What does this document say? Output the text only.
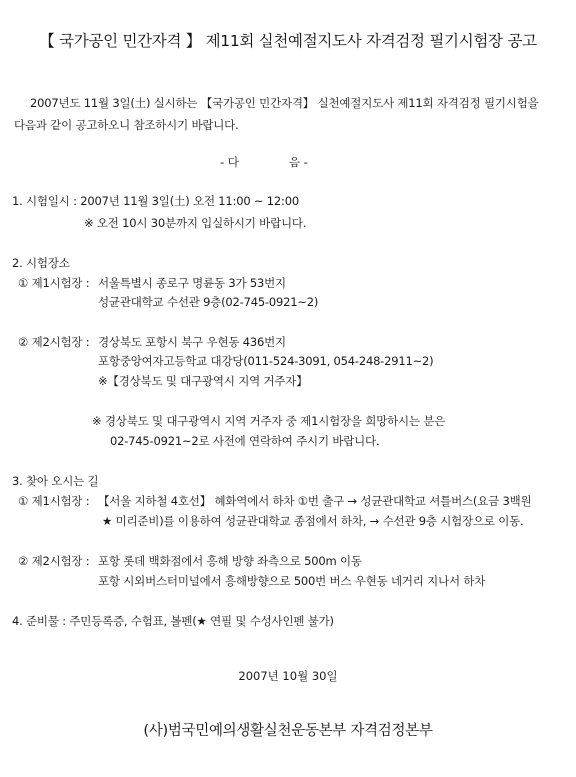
【 국가공인 민간자격 】 제11회 실천예절지도사 자격검정 필기시험장 공고
2007년도 11월 3일(土) 실시하는 【국가공인 민간자격】 실천예절지도사 제11회 자격검정 필기시험을
다음과 같이 공고하오니 참조하시기 바랍니다.
- 다	음 -
1. 시험일시 : 2007년 11월 3일(土) 오전 11:00 ~ 12:00
※ 오전 10시 30분까지 입실하시기 바랍니다.
2. 시험장소
① 제1시험장 : 서울특별시 종로구 명륜동 3가 53번지
성균관대학교 수선관 9층(02-745-0921~2)
② 제2시험장 : 경상북도 포항시 북구 우현동 436번지
포항중앙여자고등학교 대강당(011-524-3091, 054-248-2911~2)
※【경상북도 및 대구광역시 지역 거주자】
※ 경상북도 및 대구광역시 지역 거주자 중 제1시험장을 희망하시는 분은
02-745-0921~2로 사전에 연락하여 주시기 바랍니다.
3. 찾아 오시는 길
① 제1시험장 : 【서울 지하철 4호선】 혜화역에서 하차 ①번 출구 → 성균관대학교 셔틀버스(요금 3백원
★ 미리준비)를 이용하여 성균관대학교 종점에서 하차, → 수선관 9층 시험장으로 이동.
② 제2시험장 : 포항 롯데 백화점에서 흥해 방향 좌측으로 500m 이동
포항 시외버스터미널에서 흥해방향으로 500번 버스 우현동 네거리 지나서 하차
4. 준비물 : 주민등록증, 수험표, 볼펜(★ 연필 및 수성사인펜 불가)
2007년 10월 30일
(사)범국민예의생활실천운동본부 자격검정본부
